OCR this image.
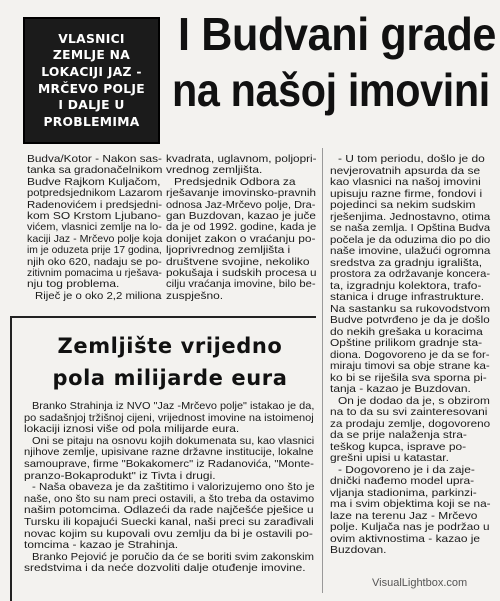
VLASNICI
ZEMLJE NA
LOKACIJI JAZ -
MRČEVO POLJE
I DALJE U
PROBLEMIMA
I Budvani grade
na našoj imovini
Budva/Kotor - Nakon sas-
tanka sa gradonačelnikom
Budve Rajkom Kuljačom,
potpredsjednikom Lazarom
Radenovićem i predsjedni-
kom SO Krstom Ljubano-
vićem, vlasnici zemlje na lo-
kaciji Jaz - Mrčevo polje koja
im je oduzeta prije 17 godina,
njih oko 620, nadaju se po-
zitivnim pomacima u rješava-
nju tog problema.
Riječ je o oko 2,2 miliona
kvadrata, uglavnom, poljopri-
vrednog zemljišta.
Predsjednik Odbora za
rješavanje imovinsko-pravnih
odnosa Jaz-Mrčevo polje, Dra-
gan Buzdovan, kazao je juče
da je od 1992. godine, kada je
donijet zakon o vraćanju po-
ljoprivrednog zemljišta i
društvene svojine, nekoliko
pokušaja i sudskih procesa u
cilju vraćanja imovine, bilo be-
zuspješno.
- U tom periodu, došlo je do
nevjerovatnih apsurda da se
kao vlasnici na našoj imovini
upisuju razne firme, fondovi i
pojedinci sa nekim sudskim
rješenjima. Jednostavno, otima
se naša zemlja. I Opština Budva
počela je da oduzima dio po dio
naše imovine, ulažući ogromna
sredstva za gradnju igrališta,
prostora za održavanje koncera-
ta, izgradnju kolektora, trafo-
stanica i druge infrastrukture.
Na sastanku sa rukovodstvom
Budve potvrđeno je da je došlo
do nekih grešaka u koracima
Opštine prilikom gradnje sta-
diona. Dogovoreno je da se for-
miraju timovi sa obje strane ka-
ko bi se riješila sva sporna pi-
tanja - kazao je Buzdovan.
On je dodao da je, s obzirom
na to da su svi zainteresovani
za prodaju zemlje, dogovoreno
da se prije nalaženja stra-
teškog kupca, isprave po-
grešni upisi u katastar.
- Dogovoreno je i da zaje-
dnički nađemo model upra-
vljanja stadionima, parkinzi-
ma i svim objektima koji se na-
laze na terenu Jaz - Mrčevo
polje. Kuljača nas je podržao u
ovim aktivnostima - kazao je
Buzdovan.
Zemljište vrijedno
pola milijarde eura
Branko Strahinja iz NVO "Jaz -Mrčevo polje" istakao je da,
po sadašnjoj tržišnoj cijeni, vrijednost imovine na istoimenoj
lokaciji iznosi više od pola milijarde eura.
Oni se pitaju na osnovu kojih dokumenata su, kao vlasnici
njihove zemlje, upisivane razne državne institucije, lokalne
samouprave, firme "Bokakomerc" iz Radanovića, "Monte-
pranzo-Bokaprodukt" iz Tivta i drugi.
- Naša obaveza je da zaštitimo i valorizujemo ono što je
naše, ono što su nam preci ostavili, a što treba da ostavimo
našim potomcima. Odlazeći da rade najčešće pješice u
Tursku ili kopajući Suecki kanal, naši preci su zarađivali
novac kojim su kupovali ovu zemlju da bi je ostavili po-
tomcima - kazao je Strahinja.
Branko Pejović je poručio da će se boriti svim zakonskim
sredstvima i da neće dozvoliti dalje otuđenje imovine.
VisualLightbox.com
